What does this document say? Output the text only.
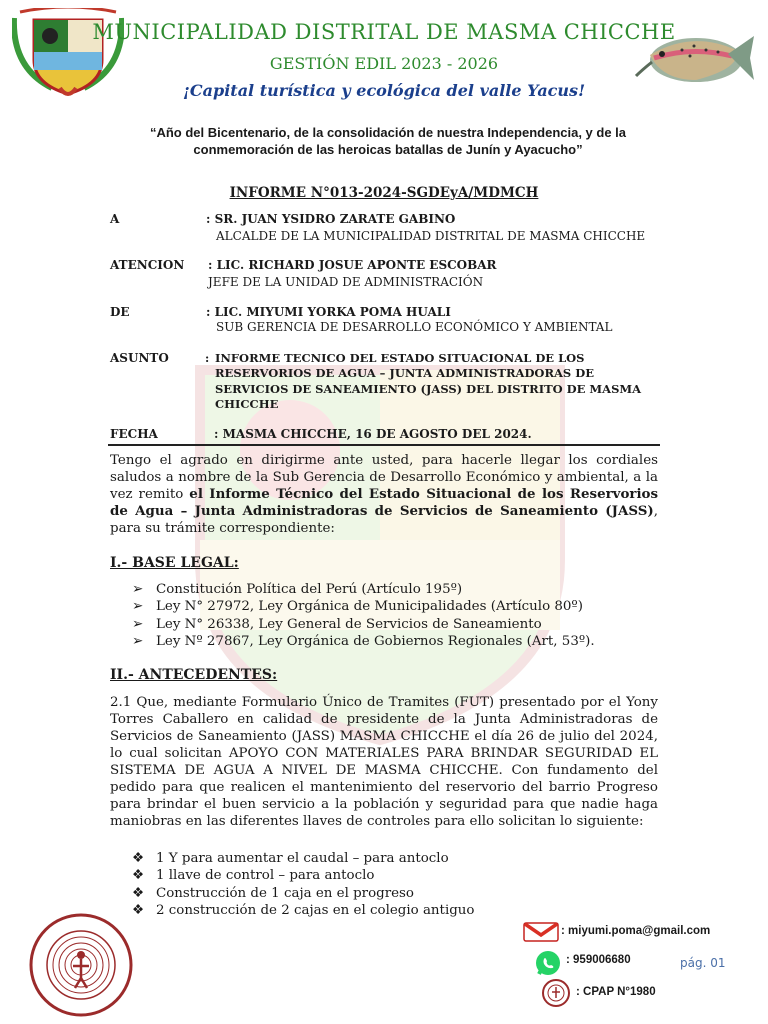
MUNICIPALIDAD DISTRITAL DE MASMA CHICCHE
GESTIÓN EDIL 2023 - 2026
¡Capital turística y ecológica del valle Yacus!
“Año del Bicentenario, de la consolidación de nuestra Independencia, y de la conmemoración de las heroicas batallas de Junín y Ayacucho”
INFORME N°013-2024-SGDEyA/MDMCH
A	: SR. JUAN YSIDRO ZARATE GABINO
ALCALDE DE LA MUNICIPALIDAD DISTRITAL DE MASMA CHICCHE
ATENCION : LIC. RICHARD JOSUE APONTE ESCOBAR
JEFE DE LA UNIDAD DE ADMINISTRACIÓN
DE	: LIC. MIYUMI YORKA POMA HUALI
SUB GERENCIA DE DESARROLLO ECONÓMICO Y AMBIENTAL
ASUNTO	: INFORME TECNICO DEL ESTADO SITUACIONAL DE LOS RESERVORIOS DE AGUA – JUNTA ADMINISTRADORAS DE SERVICIOS DE SANEAMIENTO (JASS) DEL DISTRITO DE MASMA CHICCHE
FECHA	: MASMA CHICCHE, 16 DE AGOSTO DEL 2024.
Tengo el agrado en dirigirme ante usted, para hacerle llegar los cordiales saludos a nombre de la Sub Gerencia de Desarrollo Económico y ambiental, a la vez remito el Informe Técnico del Estado Situacional de los Reservorios de Agua – Junta Administradoras de Servicios de Saneamiento (JASS), para su trámite correspondiente:
I.- BASE LEGAL:
➢ Constitución Política del Perú (Artículo 195º)
➢ Ley N° 27972, Ley Orgánica de Municipalidades (Artículo 80º)
➢ Ley N° 26338, Ley General de Servicios de Saneamiento
➢ Ley Nº 27867, Ley Orgánica de Gobiernos Regionales (Art, 53º).
II.- ANTECEDENTES:
2.1 Que, mediante Formulario Único de Tramites (FUT) presentado por el Yony Torres Caballero en calidad de presidente de la Junta Administradoras de Servicios de Saneamiento (JASS) MASMA CHICCHE el día 26 de julio del 2024, lo cual solicitan APOYO CON MATERIALES PARA BRINDAR SEGURIDAD EL SISTEMA DE AGUA A NIVEL DE MASMA CHICCHE. Con fundamento del pedido para que realicen el mantenimiento del reservorio del barrio Progreso para brindar el buen servicio a la población y seguridad para que nadie haga maniobras en las diferentes llaves de controles para ello solicitan lo siguiente:
❖ 1 Y para aumentar el caudal – para antoclo
❖ 1 llave de control – para antoclo
❖ Construcción de 1 caja en el progreso
❖ 2 construcción de 2 cajas en el colegio antiguo
: miyumi.poma@gmail.com
: 959006680
: CPAP N°1980
pág. 01
